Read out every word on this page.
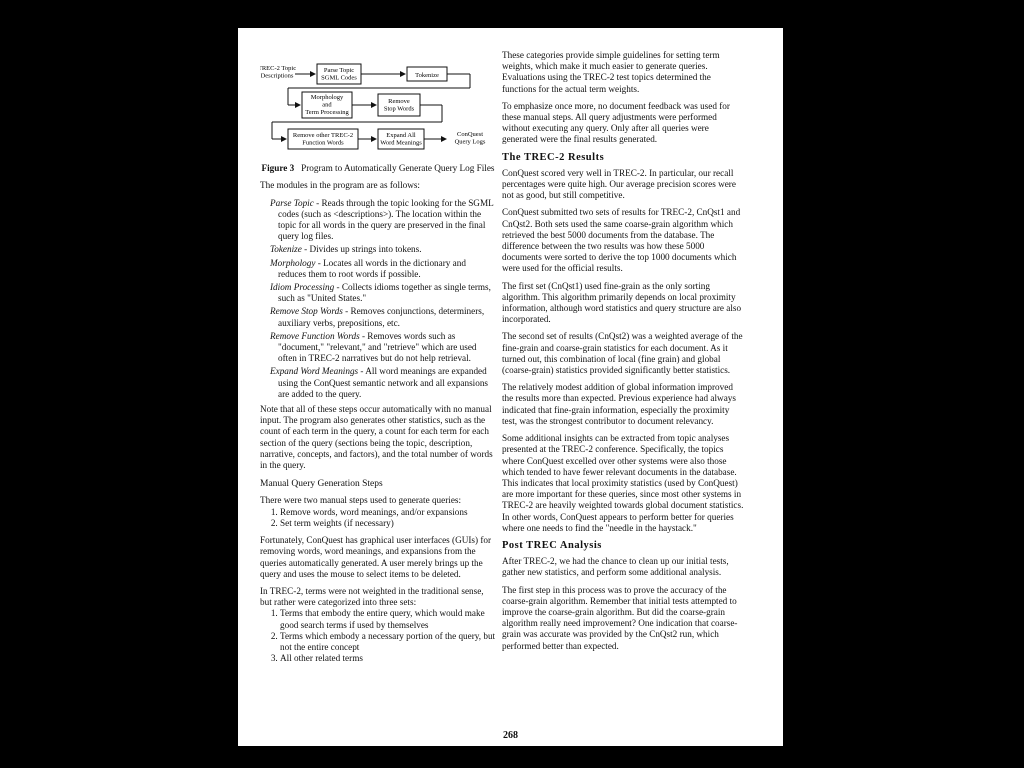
TREC-2 Topic Descriptions
Parse Topic SGML Codes	Tokenize
Morphology and Term Processing
Remove Stop Words
Remove other TREC-2 Function Words
Expand All Word Meanings
ConQuest Query Logs
Figure 3 Program to Automatically Generate Query Log Files

The modules in the program are as follows:

Parse Topic - Reads through the topic looking for the SGML codes (such as <descriptions>). The location within the topic for all words in the query are preserved in the final query log files.

Tokenize - Divides up strings into tokens.

Morphology - Locates all words in the dictionary and reduces them to root words if possible.

Idiom Processing - Collects idioms together as single terms, such as "United States."

Remove Stop Words - Removes conjunctions, determiners, auxiliary verbs, prepositions, etc.

Remove Function Words - Removes words such as "document," "relevant," and "retrieve" which are used often in TREC-2 narratives but do not help retrieval.

Expand Word Meanings - All word meanings are expanded using the ConQuest semantic network and all expansions are added to the query.

Note that all of these steps occur automatically with no manual input. The program also generates other statistics, such as the count of each term in the query, a count for each term for each section of the query (sections being the topic, description, narrative, concepts, and factors), and the total number of words in the query.

Manual Query Generation Steps

There were two manual steps used to generate queries:

1. Remove words, word meanings, and/or expansions
2. Set term weights (if necessary)

Fortunately, ConQuest has graphical user interfaces (GUIs) for removing words, word meanings, and expansions from the queries automatically generated. A user merely brings up the query and uses the mouse to select items to be deleted.

In TREC-2, terms were not weighted in the traditional sense, but rather were categorized into three sets:

1. Terms that embody the entire query, which would make good search terms if used by themselves
2. Terms which embody a necessary portion of the query, but not the entire concept
3. All other related terms

These categories provide simple guidelines for setting term weights, which make it much easier to generate queries. Evaluations using the TREC-2 test topics determined the functions for the actual term weights.

To emphasize once more, no document feedback was used for these manual steps. All query adjustments were performed without executing any query. Only after all queries were generated were the final results generated.

The TREC-2 Results

ConQuest scored very well in TREC-2. In particular, our recall percentages were quite high. Our average precision scores were not as good, but still competitive.

ConQuest submitted two sets of results for TREC-2, CnQst1 and CnQst2. Both sets used the same coarse-grain algorithm which retrieved the best 5000 documents from the database. The difference between the two results was how these 5000 documents were sorted to derive the top 1000 documents which were used for the official results.

The first set (CnQst1) used fine-grain as the only sorting algorithm. This algorithm primarily depends on local proximity information, although word statistics and query structure are also incorporated.

The second set of results (CnQst2) was a weighted average of the fine-grain and coarse-grain statistics for each document. As it turned out, this combination of local (fine grain) and global (coarse-grain) statistics provided significantly better statistics.

The relatively modest addition of global information improved the results more than expected. Previous experience had always indicated that fine-grain information, especially the proximity test, was the strongest contributor to document relevancy.

Some additional insights can be extracted from topic analyses presented at the TREC-2 conference. Specifically, the topics where ConQuest excelled over other systems were also those which tended to have fewer relevant documents in the database. This indicates that local proximity statistics (used by ConQuest) are more important for these queries, since most other systems in TREC-2 are heavily weighted towards global document statistics. In other words, ConQuest appears to perform better for queries where one needs to find the "needle in the haystack."

Post TREC Analysis

After TREC-2, we had the chance to clean up our initial tests, gather new statistics, and perform some additional analysis.

The first step in this process was to prove the accuracy of the coarse-grain algorithm. Remember that initial tests attempted to improve the coarse-grain algorithm. But did the coarse-grain algorithm really need improvement? One indication that coarse-grain was accurate was provided by the CnQst2 run, which performed better than expected.

268
